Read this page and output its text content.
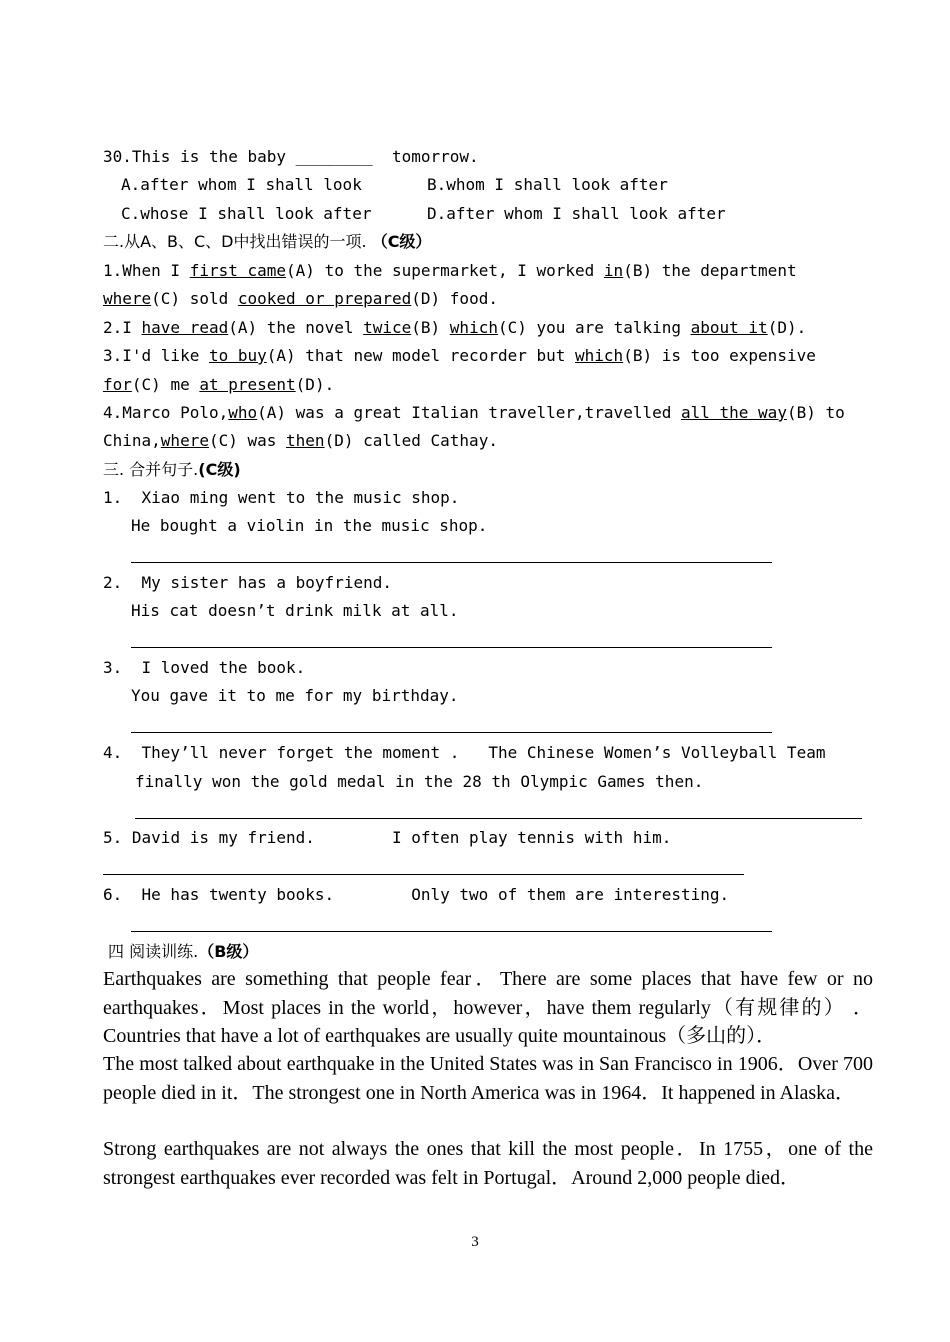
30.This is the baby ________  tomorrow.
A.after whom I shall look	B.whom I shall look after
C.whose I shall look after	D.after whom I shall look after
二.从A、B、C、D中找出错误的一项. （C级）
1.When I first came(A) to the supermarket, I worked in(B) the department
where(C) sold cooked or prepared(D) food.
2.I have read(A) the novel twice(B) which(C) you are talking about it(D).
3.I'd like to buy(A) that new model recorder but which(B) is too expensive
for(C) me at present(D).
4.Marco Polo,who(A) was a great Italian traveller,travelled all the way(B) to
China,where(C) was then(D) called Cathay.
三. 合并句子.(C级)
1. Xiao ming went to the music shop.
He bought a violin in the music shop.
2. My sister has a boyfriend.
His cat doesn’t drink milk at all.
3. I loved the book.
You gave it to me for my birthday.
4. They’ll never forget the moment .   The Chinese Women’s Volleyball Team
finally won the gold medal in the 28 th Olympic Games then.
5. David is my friend.        I often play tennis with him.
6. He has twenty books.        Only two of them are interesting.
四 阅读训练.（B级）
Earthquakes are something that people fear．There are some places that have few or no earthquakes．Most places in the world，however，have them regularly（有规律的） ．Countries that have a lot of earthquakes are usually quite mountainous（多山的）．
The most talked about earthquake in the United States was in San Francisco in 1906．Over 700 people died in it．The strongest one in North America was in 1964．It happened in Alaska．
Strong earthquakes are not always the ones that kill the most people．In 1755，one of the strongest earthquakes ever recorded was felt in Portugal．Around 2,000 people died．
3
